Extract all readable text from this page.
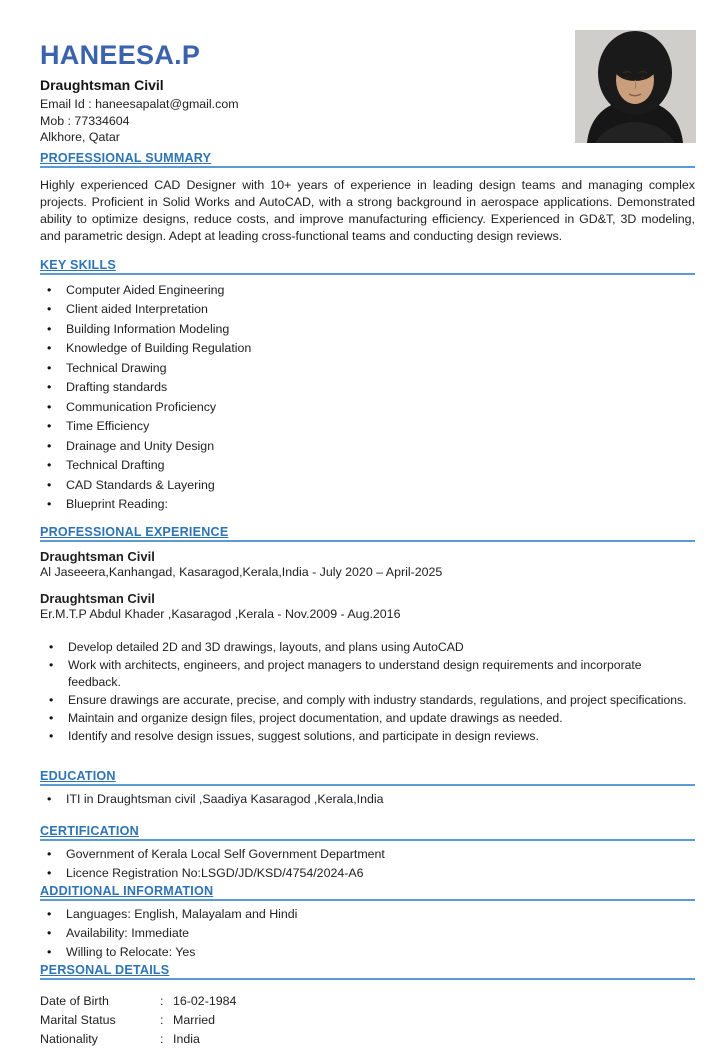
HANEESA.P
Draughtsman Civil
Email Id : haneesapalat@gmail.com
Mob : 77334604
Alkhore, Qatar
PROFESSIONAL SUMMARY

Highly experienced CAD Designer with 10+ years of experience in leading design teams and managing complex projects. Proficient in Solid Works and AutoCAD, with a strong background in aerospace applications. Demonstrated ability to optimize designs, reduce costs, and improve manufacturing efficiency. Experienced in GD&T, 3D modeling, and parametric design. Adept at leading cross-functional teams and conducting design reviews.

KEY SKILLS
• Computer Aided Engineering
• Client aided Interpretation
• Building Information Modeling
• Knowledge of Building Regulation
• Technical Drawing
• Drafting standards
• Communication Proficiency
• Time Efficiency
• Drainage and Unity Design
• Technical Drafting
• CAD Standards & Layering
• Blueprint Reading:
PROFESSIONAL EXPERIENCE
Draughtsman Civil
Al Jaseeera,Kanhangad, Kasaragod,Kerala,India - July 2020 – April-2025
Draughtsman Civil
Er.M.T.P Abdul Khader ,Kasaragod ,Kerala - Nov.2009 - Aug.2016
• Develop detailed 2D and 3D drawings, layouts, and plans using AutoCAD
• Work with architects, engineers, and project managers to understand design requirements and incorporate feedback.
• Ensure drawings are accurate, precise, and comply with industry standards, regulations, and project specifications.
• Maintain and organize design files, project documentation, and update drawings as needed.
• Identify and resolve design issues, suggest solutions, and participate in design reviews.
EDUCATION
• ITI in Draughtsman civil ,Saadiya Kasaragod ,Kerala,India
CERTIFICATION
• Government of Kerala Local Self Government Department
• Licence Registration No:LSGD/JD/KSD/4754/2024-A6
ADDITIONAL INFORMATION
• Languages: English, Malayalam and Hindi
• Availability: Immediate
• Willing to Relocate: Yes
PERSONAL DETAILS
Date of Birth	: 16-02-1984
Marital Status	: Married
Nationality	: India
